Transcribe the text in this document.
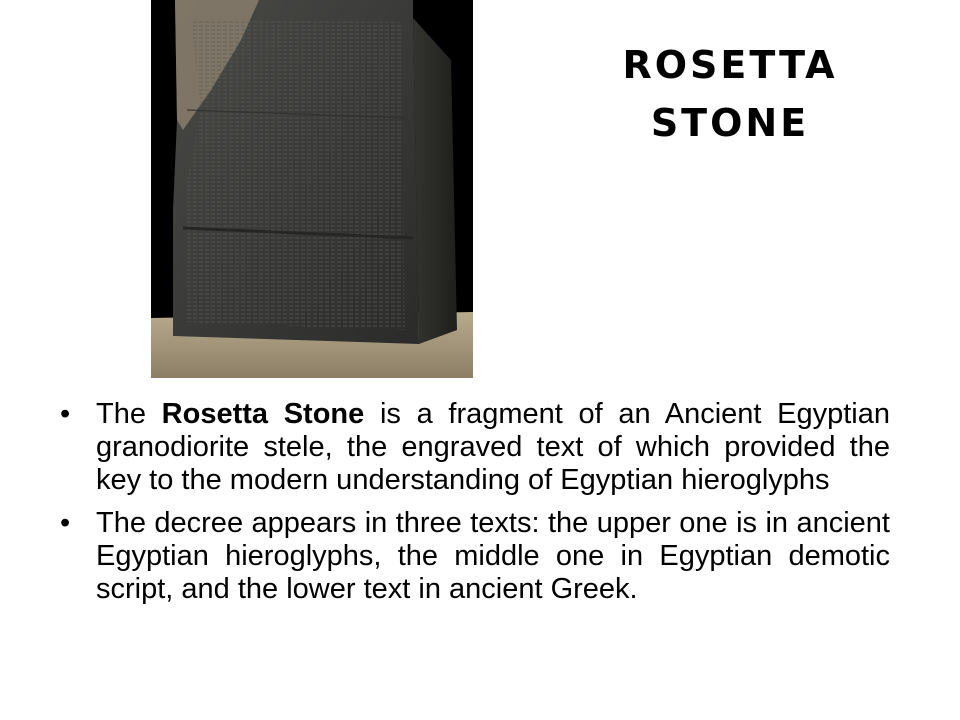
ROSETTA
STONE
• The Rosetta Stone is a fragment of an Ancient Egyptian granodiorite stele, the engraved text of which provided the key to the modern understanding of Egyptian hieroglyphs
• The decree appears in three texts: the upper one is in ancient Egyptian hieroglyphs, the middle one in Egyptian demotic script, and the lower text in ancient Greek.
